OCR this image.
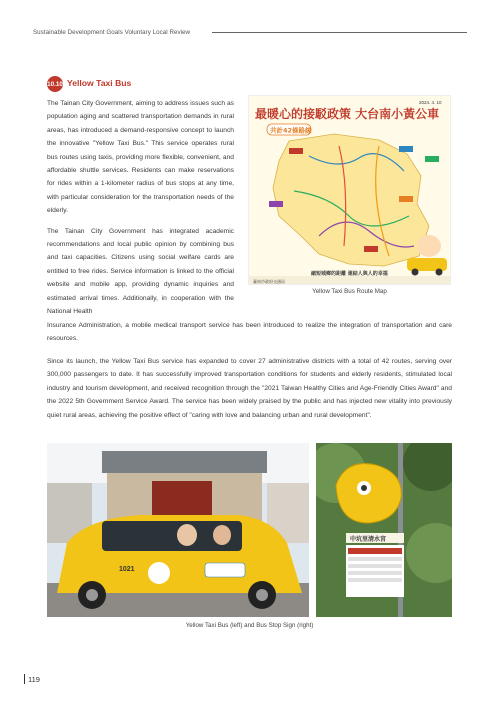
Sustainable Development Goals Voluntary Local Review
10.10 Yellow Taxi Bus

The Tainan City Government, aiming to address issues such as population aging and scattered transportation demands in rural areas, has introduced a demand-responsive concept to launch the innovative "Yellow Taxi Bus." This service operates rural bus routes using taxis, providing more flexible, convenient, and affordable shuttle services. Residents can make reservations for rides within a 1-kilometer radius of bus stops at any time, with particular consideration for the transportation needs of the elderly.

The Tainan City Government has integrated academic recommendations and local public opinion by combining bus and taxi capacities. Citizens using social welfare cards are entitled to free rides. Service information is linked to the official website and mobile app, providing dynamic inquiries and estimated arrival times. Additionally, in cooperation with the National Health

最暖心的接駁政策 大台南小黃公車
2024. 4. 10
共計42條路線
臺南市政府交通局
縮短城鄉的距離 連結人與人的幸福
Yellow Taxi Bus Route Map
Insurance Administration, a mobile medical transport service has been introduced to realize the integration of transportation and care resources.
Since its launch, the Yellow Taxi Bus service has expanded to cover 27 administrative districts with a total of 42 routes, serving over 300,000 passengers to date. It has successfully improved transportation conditions for students and elderly residents, stimulated local industry and tourism development, and received recognition through the "2021 Taiwan Healthy Cities and Age-Friendly Cities Award" and the 2022 5th Government Service Award. The service has been widely praised by the public and has injected new vitality into previously quiet rural areas, achieving the positive effect of "caring with love and balancing urban and rural development".
1021
中坑里清水宮
Yellow Taxi Bus (left) and Bus Stop Sign (right)
119
